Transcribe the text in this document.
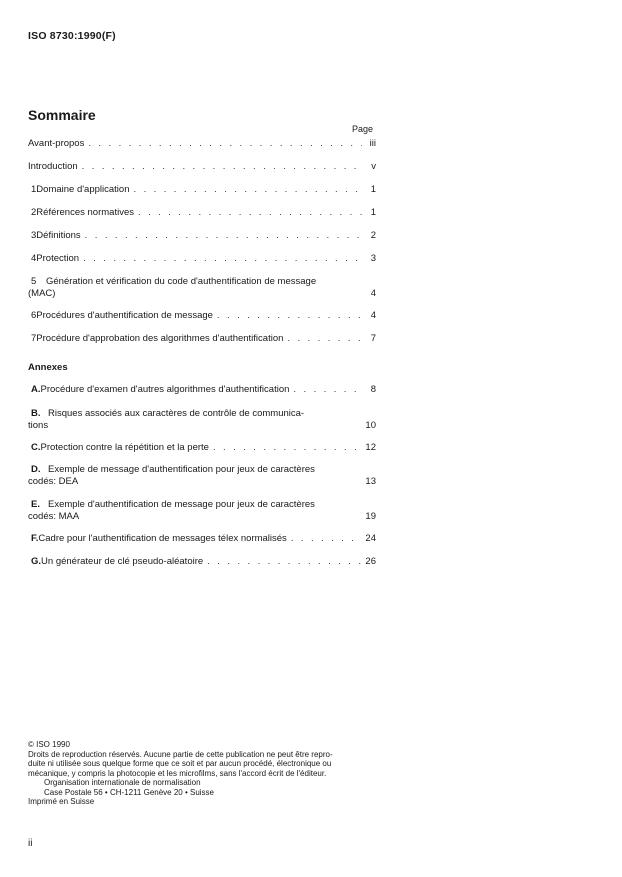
ISO 8730:1990(F)
Sommaire
Page
Avant-propos . . .	iii
Introduction . . .	v
1 Domaine d'application . . .	1
2 Références normatives . . .	1
3 Définitions . . .	2
4 Protection . . .	3
5 Génération et vérification du code d'authentification de message
(MAC)	4
6 Procédures d'authentification de message . . .	4
7 Procédure d'approbation des algorithmes d'authentification . . .	7
Annexes
A. Procédure d'examen d'autres algorithmes d'authentification . . .	8
B. Risques associés aux caractères de contrôle de communica-
tions	10
C. Protection contre la répétition et la perte . . .	12
D. Exemple de message d'authentification pour jeux de caractères
codés: DEA	13
E. Exemple d'authentification de message pour jeux de caractères
codés: MAA	19
F. Cadre pour l'authentification de messages télex normalisés . . .	24
G. Un générateur de clé pseudo-aléatoire . . .	26
© ISO 1990
Droits de reproduction réservés. Aucune partie de cette publication ne peut être repro-
duite ni utilisée sous quelque forme que ce soit et par aucun procédé, électronique ou
mécanique, y compris la photocopie et les microfilms, sans l'accord écrit de l'éditeur.
Organisation internationale de normalisation
Case Postale 56 • CH-1211 Genève 20 • Suisse
Imprimé en Suisse
ii
